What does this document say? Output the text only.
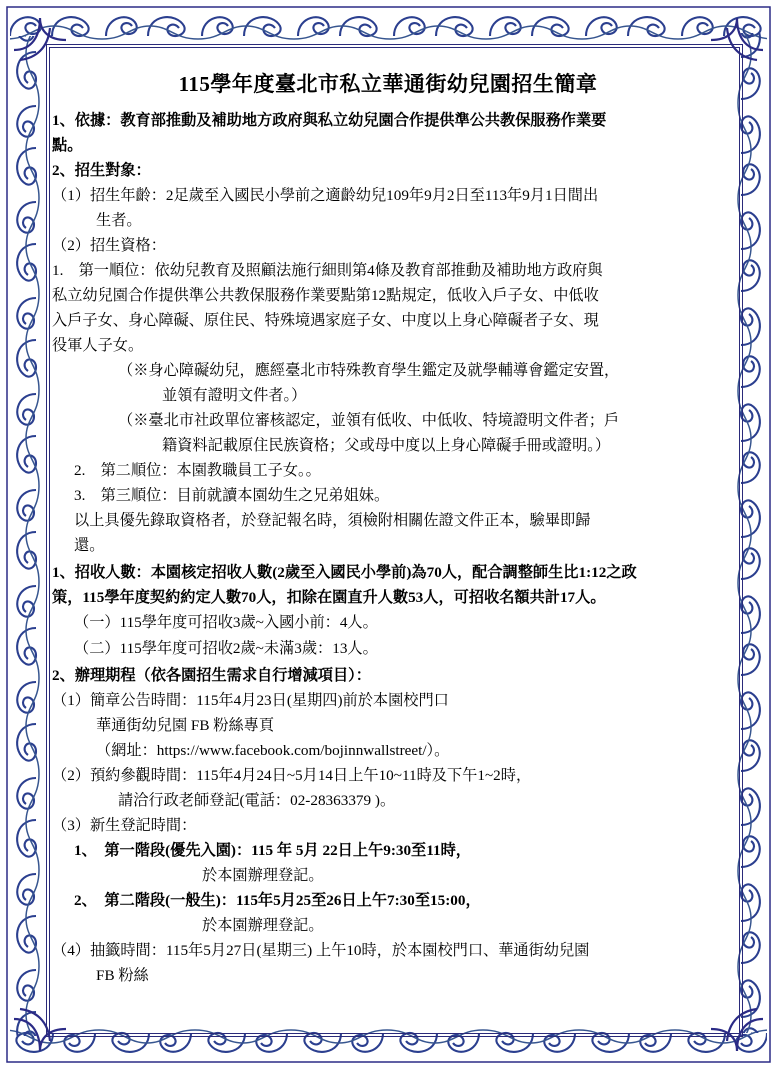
115學年度臺北市私立華通街幼兒園招生簡章

1、依據：教育部推動及補助地方政府與私立幼兒園合作提供準公共教保服務作業要

點。

2、招生對象：

（1）招生年齡：2足歲至入國民小學前之適齡幼兒109年9月2日至113年9月1日間出

生者。

（2）招生資格：

1.　第一順位：依幼兒教育及照顧法施行細則第4條及教育部推動及補助地方政府與

私立幼兒園合作提供準公共教保服務作業要點第12點規定，低收入戶子女、中低收

入戶子女、身心障礙、原住民、特殊境遇家庭子女、中度以上身心障礙者子女、現

役軍人子女。

（※身心障礙幼兒，應經臺北市特殊教育學生鑑定及就學輔導會鑑定安置，

並領有證明文件者。）

（※臺北市社政單位審核認定，並領有低收、中低收、特境證明文件者；戶

籍資料記載原住民族資格；父或母中度以上身心障礙手冊或證明。）

2.　第二順位：本園教職員工子女。。

3.　第三順位：目前就讀本園幼生之兄弟姐妹。

以上具優先錄取資格者，於登記報名時，須檢附相關佐證文件正本，驗畢即歸

還。

1、招收人數：本園核定招收人數(2歲至入國民小學前)為70人，配合調整師生比1:12之政

策，115學年度契約約定人數70人，扣除在園直升人數53人，可招收名額共計17人。

（一）115學年度可招收3歲~入國小前：4人。

（二）115學年度可招收2歲~未滿3歲：13人。

2、辦理期程（依各園招生需求自行增減項目）：

（1）簡章公告時間：115年4月23日(星期四)前於本園校門口

華通街幼兒園 FB 粉絲專頁

（網址：https://www.facebook.com/bojinnwallstreet/）。

（2）預約參觀時間：115年4月24日~5月14日上午10~11時及下午1~2時，

請洽行政老師登記(電話：02-28363379 )。

（3）新生登記時間：

1、　第一階段(優先入園)：115 年 5月 22日上午9:30至11時，

於本園辦理登記。

2、　第二階段(一般生)：115年5月25至26日上午7:30至15:00，

於本園辦理登記。

（4）抽籤時間：115年5月27日(星期三) 上午10時，於本園校門口、華通街幼兒園

FB 粉絲
